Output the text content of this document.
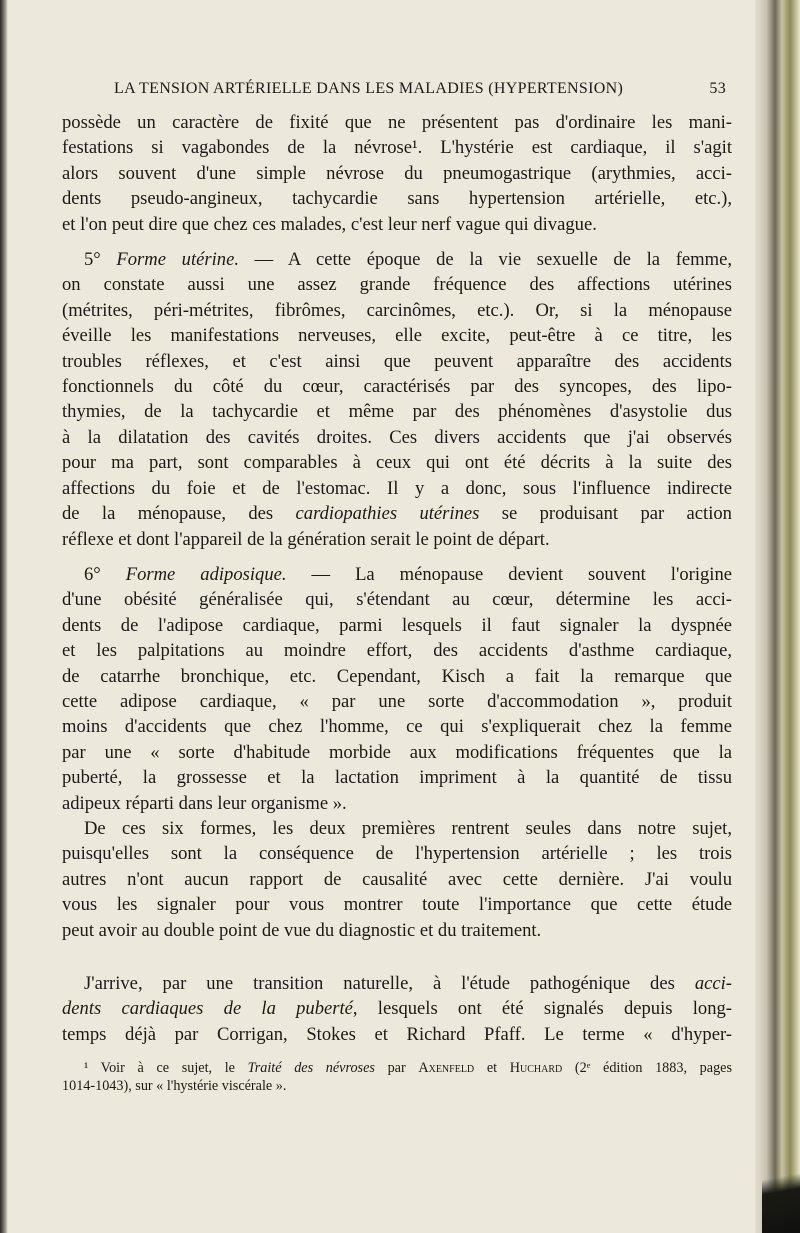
LA TENSION ARTÉRIELLE DANS LES MALADIES (HYPERTENSION)	53
possède un caractère de fixité que ne présentent pas d'ordinaire les mani-
festations si vagabondes de la névrose¹. L'hystérie est cardiaque, il s'agit
alors souvent d'une simple névrose du pneumogastrique (arythmies, acci-
dents pseudo-angineux, tachycardie sans hypertension artérielle, etc.),
et l'on peut dire que chez ces malades, c'est leur nerf vague qui divague.
5° Forme utérine. — A cette époque de la vie sexuelle de la femme,
on constate aussi une assez grande fréquence des affections utérines
(métrites, péri-métrites, fibrômes, carcinômes, etc.). Or, si la ménopause
éveille les manifestations nerveuses, elle excite, peut-être à ce titre, les
troubles réflexes, et c'est ainsi que peuvent apparaître des accidents
fonctionnels du côté du cœur, caractérisés par des syncopes, des lipo-
thymies, de la tachycardie et même par des phénomènes d'asystolie dus
à la dilatation des cavités droites. Ces divers accidents que j'ai observés
pour ma part, sont comparables à ceux qui ont été décrits à la suite des
affections du foie et de l'estomac. Il y a donc, sous l'influence indirecte
de la ménopause, des cardiopathies utérines se produisant par action
réflexe et dont l'appareil de la génération serait le point de départ.
6° Forme adiposique. — La ménopause devient souvent l'origine
d'une obésité généralisée qui, s'étendant au cœur, détermine les acci-
dents de l'adipose cardiaque, parmi lesquels il faut signaler la dyspnée
et les palpitations au moindre effort, des accidents d'asthme cardiaque,
de catarrhe bronchique, etc. Cependant, Kisch a fait la remarque que
cette adipose cardiaque, « par une sorte d'accommodation », produit
moins d'accidents que chez l'homme, ce qui s'expliquerait chez la femme
par une « sorte d'habitude morbide aux modifications fréquentes que la
puberté, la grossesse et la lactation impriment à la quantité de tissu
adipeux réparti dans leur organisme ».
De ces six formes, les deux premières rentrent seules dans notre sujet,
puisqu'elles sont la conséquence de l'hypertension artérielle ; les trois
autres n'ont aucun rapport de causalité avec cette dernière. J'ai voulu
vous les signaler pour vous montrer toute l'importance que cette étude
peut avoir au double point de vue du diagnostic et du traitement.
J'arrive, par une transition naturelle, à l'étude pathogénique des acci-
dents cardiaques de la puberté, lesquels ont été signalés depuis long-
temps déjà par Corrigan, Stokes et Richard Pfaff. Le terme « d'hyper-
¹ Voir à ce sujet, le Traité des névroses par Axenfeld et Huchard (2ᵉ édition 1883, pages
1014-1043), sur « l'hystérie viscérale ».
